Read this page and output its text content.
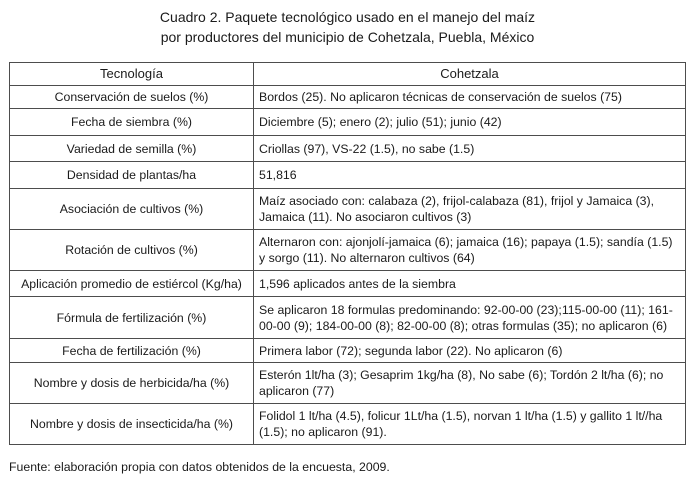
Cuadro 2. Paquete tecnológico usado en el manejo del maíz
por productores del municipio de Cohetzala, Puebla, México
Tecnología	Cohetzala
Conservación de suelos (%)	Bordos (25). No aplicaron técnicas de conservación de suelos (75)
Fecha de siembra (%)	Diciembre (5); enero (2); julio (51); junio (42)
Variedad de semilla (%)	Criollas (97), VS-22 (1.5), no sabe (1.5)
Densidad de plantas/ha	51,816
Asociación de cultivos (%)	Maíz asociado con: calabaza (2), frijol-calabaza (81), frijol y Jamaica (3), Jamaica (11). No asociaron cultivos (3)
Rotación de cultivos (%)	Alternaron con: ajonjolí-jamaica (6); jamaica (16); papaya (1.5); sandía (1.5) y sorgo (11). No alternaron cultivos (64)
Aplicación promedio de estiércol (Kg/ha)	1,596 aplicados antes de la siembra
Fórmula de fertilización (%)	Se aplicaron 18 formulas predominando: 92-00-00 (23);115-00-00 (11); 161-00-00 (9); 184-00-00 (8); 82-00-00 (8); otras formulas (35); no aplicaron (6)
Fecha de fertilización (%)	Primera labor (72); segunda labor (22). No aplicaron (6)
Nombre y dosis de herbicida/ha (%)	Esterón 1lt/ha (3); Gesaprim 1kg/ha (8), No sabe (6); Tordón 2 lt/ha (6); no aplicaron (77)
Nombre y dosis de insecticida/ha (%)	Folidol 1 lt/ha (4.5), folicur 1Lt/ha (1.5), norvan 1 lt/ha (1.5) y gallito 1 lt//ha (1.5); no aplicaron (91).
Fuente: elaboración propia con datos obtenidos de la encuesta, 2009.
